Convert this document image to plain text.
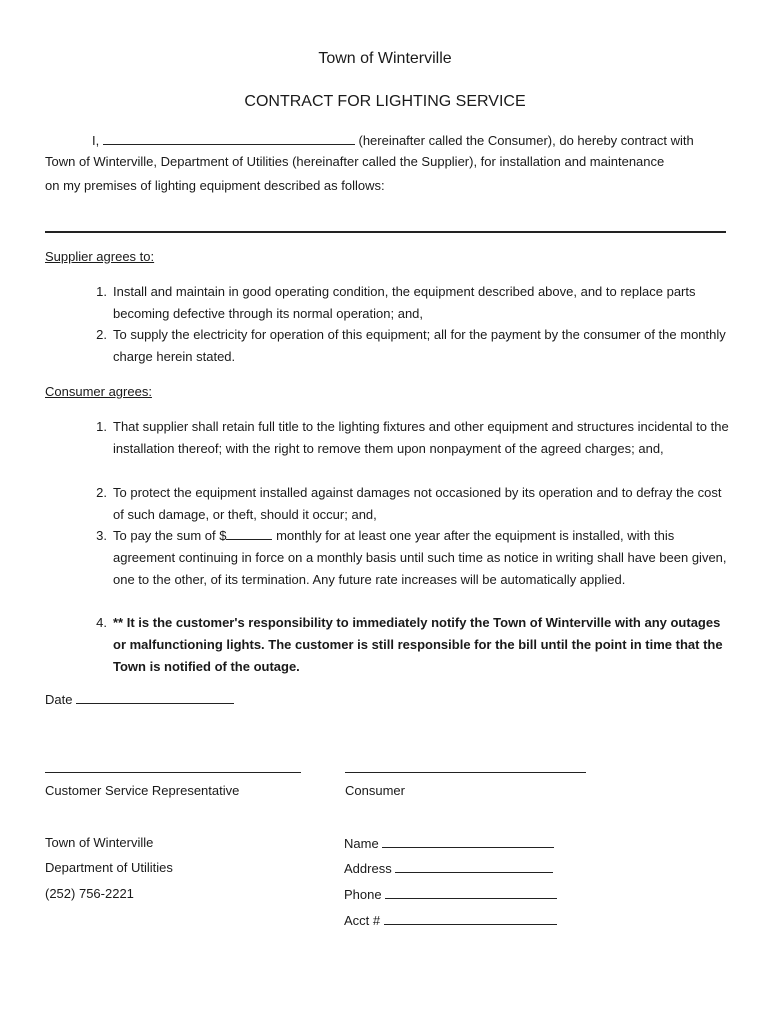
Town of Winterville
CONTRACT FOR LIGHTING SERVICE
I,	(hereinafter called the Consumer), do hereby contract with
Town of Winterville, Department of Utilities (hereinafter called the Supplier), for installation and maintenance
on my premises of lighting equipment described as follows:
Supplier agrees to:
1. Install and maintain in good operating condition, the equipment described above, and to replace parts becoming defective through its normal operation; and,
2. To supply the electricity for operation of this equipment; all for the payment by the consumer of the monthly charge herein stated.
Consumer agrees:
1. That supplier shall retain full title to the lighting fixtures and other equipment and structures incidental to the installation thereof; with the right to remove them upon nonpayment of the agreed charges; and,
2. To protect the equipment installed against damages not occasioned by its operation and to defray the cost of such damage, or theft, should it occur; and,
3. To pay the sum of $	monthly for at least one year after the equipment is installed, with this agreement continuing in force on a monthly basis until such time as notice in writing shall have been given, one to the other, of its termination. Any future rate increases will be automatically applied.
4. ** It is the customer's responsibility to immediately notify the Town of Winterville with any outages or malfunctioning lights. The customer is still responsible for the bill until the point in time that the Town is notified of the outage.
Date
Customer Service Representative	Consumer
Town of Winterville
Department of Utilities
(252) 756-2221
Name
Address
Phone
Acct #
